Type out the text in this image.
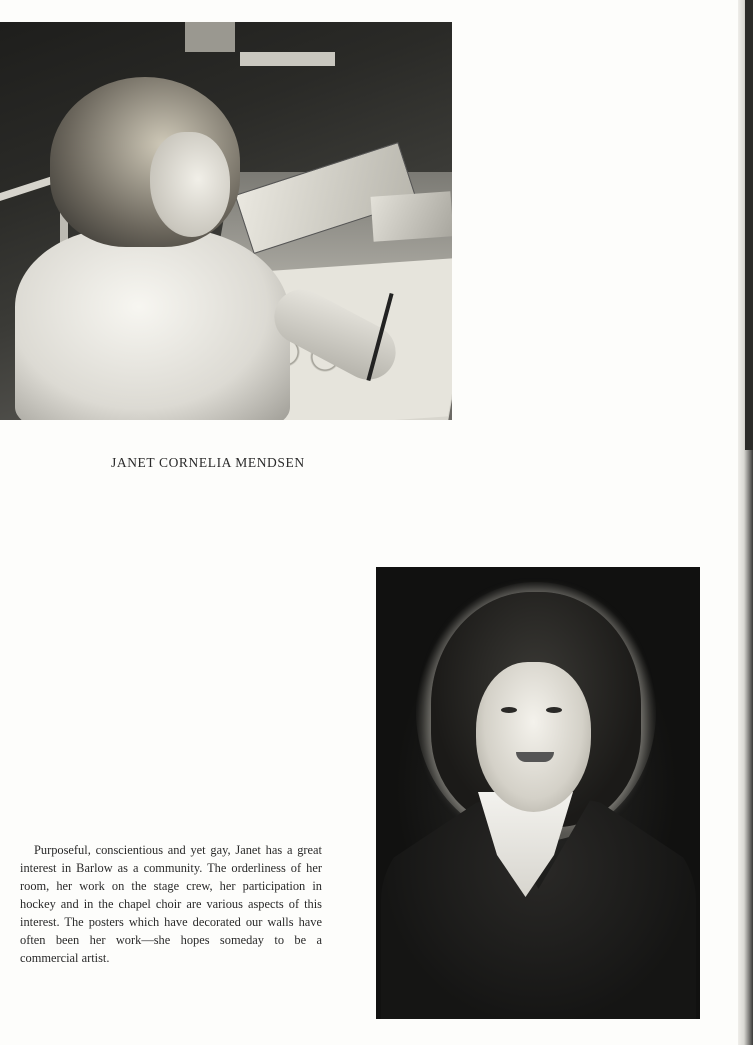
JANET CORNELIA MENDSEN

Purposeful, conscientious and yet gay, Janet has a great interest in Barlow as a community. The orderliness of her room, her work on the stage crew, her participation in hockey and in the chapel choir are various aspects of this interest. The posters which have decorated our walls have often been her work—she hopes someday to be a commercial artist.
